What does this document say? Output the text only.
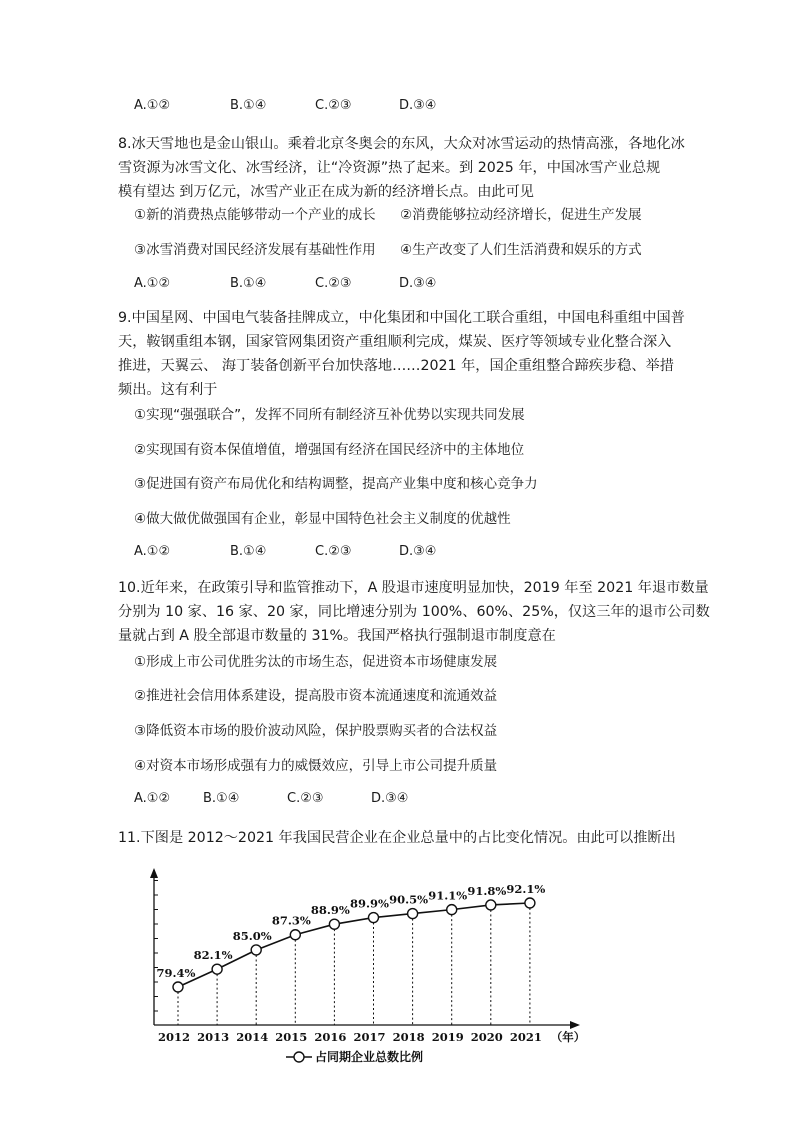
A.①②	B.①④	C.②③	D.③④

8.冰天雪地也是金山银山。乘着北京冬奥会的东风，大众对冰雪运动的热情高涨，各地化冰

雪资源为冰雪文化、冰雪经济，让“冷资源”热了起来。到 2025 年，中国冰雪产业总规

模有望达 到万亿元，冰雪产业正在成为新的经济增长点。由此可见

①新的消费热点能够带动一个产业的成长 ②消费能够拉动经济增长，促进生产发展
③冰雪消费对国民经济发展有基础性作用 ④生产改变了人们生活消费和娱乐的方式
A.①②	B.①④	C.②③	D.③④

9.中国星网、中国电气装备挂牌成立，中化集团和中国化工联合重组，中国电科重组中国普

天，鞍钢重组本钢，国家管网集团资产重组顺利完成，煤炭、医疗等领域专业化整合深入

推进，天翼云、 海丁装备创新平台加快落地……2021 年，国企重组整合蹄疾步稳、举措

频出。这有利于

①实现“强强联合”，发挥不同所有制经济互补优势以实现共同发展
②实现国有资本保值增值，增强国有经济在国民经济中的主体地位
③促进国有资产布局优化和结构调整，提高产业集中度和核心竞争力
④做大做优做强国有企业，彰显中国特色社会主义制度的优越性
A.①②	B.①④	C.②③	D.③④

10.近年来，在政策引导和监管推动下，A 股退市速度明显加快，2019 年至 2021 年退市数量

分别为 10 家、16 家、20 家，同比增速分别为 100%、60%、25%，仅这三年的退市公司数

量就占到 A 股全部退市数量的 31%。我国严格执行强制退市制度意在

①形成上市公司优胜劣汰的市场生态，促进资本市场健康发展
②推进社会信用体系建设，提高股市资本流通速度和流通效益
③降低资本市场的股价波动风险，保护股票购买者的合法权益
④对资本市场形成强有力的威慑效应，引导上市公司提升质量
A.①②	B.①④	C.②③	D.③④
11.下图是 2012～2021 年我国民营企业在企业总量中的占比变化情况。由此可以推断出
79.4%
82.1%
85.0%
87.3%
88.9% 89.9% 90.5% 91.1% 91.8% 92.1%
2012 2013 2014 2015 2016 2017 2018 2019 2020 2021 （年）
占同期企业总数比例
